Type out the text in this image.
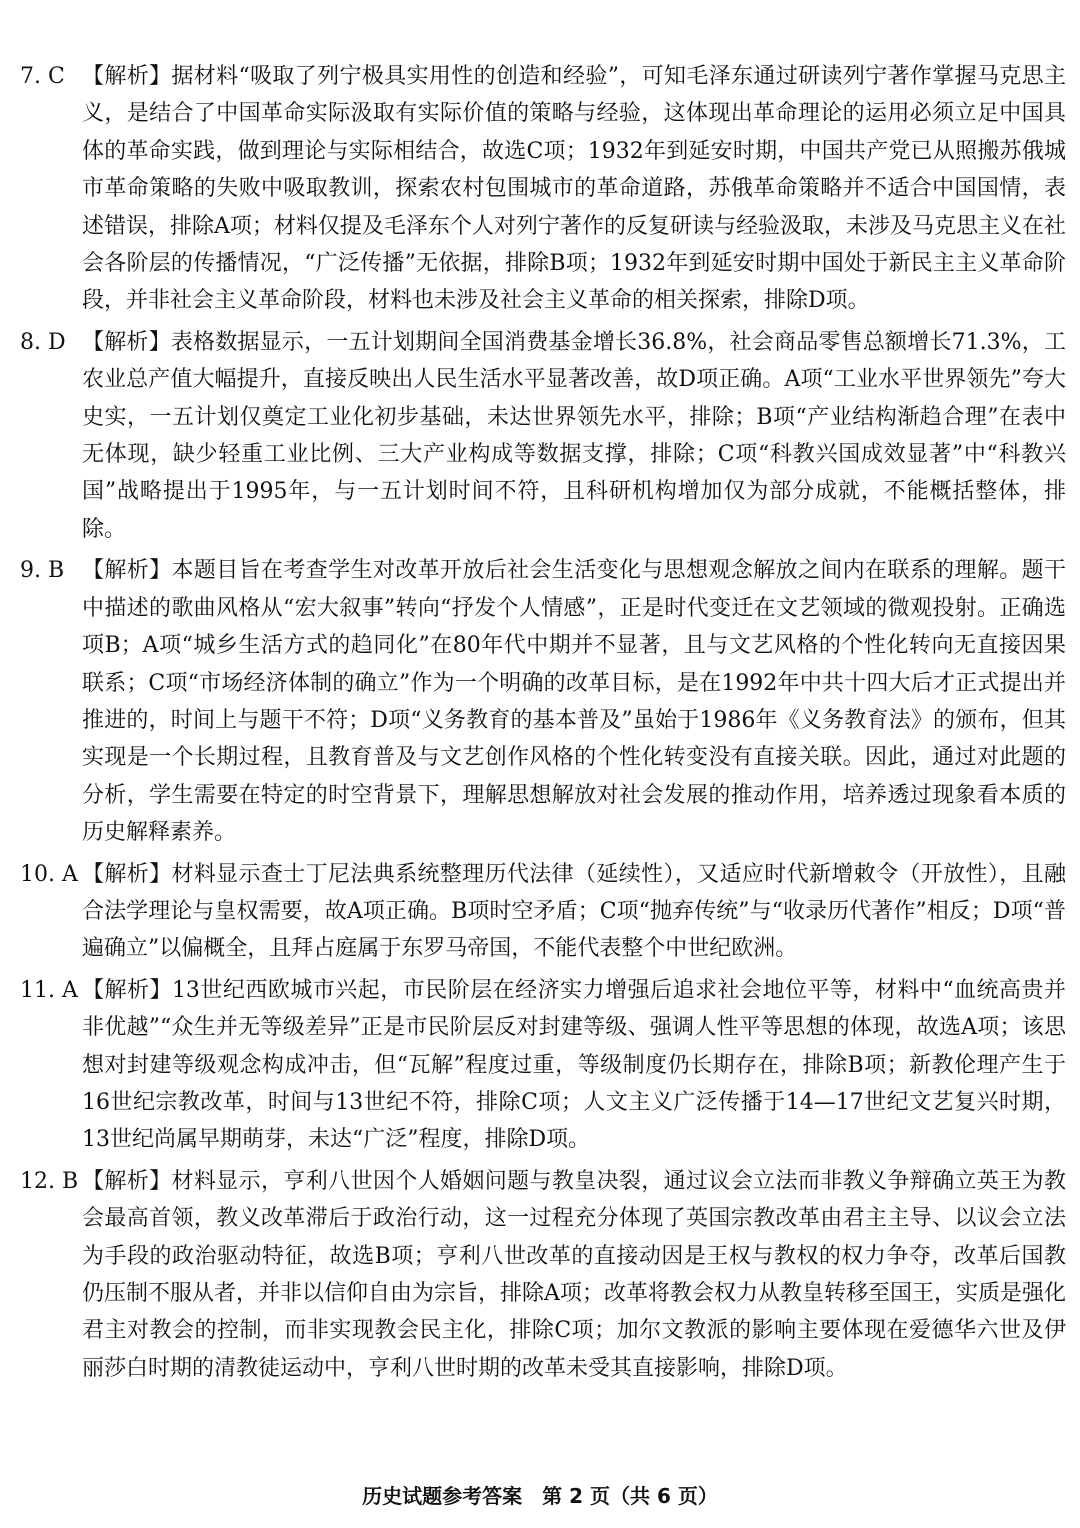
7. C 【解析】据材料“吸取了列宁极具实用性的创造和经验”，可知毛泽东通过研读列宁著作掌握马克思主义，是结合了中国革命实际汲取有实际价值的策略与经验，这体现出革命理论的运用必须立足中国具体的革命实践，做到理论与实际相结合，故选C项；1932年到延安时期，中国共产党已从照搬苏俄城市革命策略的失败中吸取教训，探索农村包围城市的革命道路，苏俄革命策略并不适合中国国情，表述错误，排除A项；材料仅提及毛泽东个人对列宁著作的反复研读与经验汲取，未涉及马克思主义在社会各阶层的传播情况，“广泛传播”无依据，排除B项；1932年到延安时期中国处于新民主主义革命阶段，并非社会主义革命阶段，材料也未涉及社会主义革命的相关探索，排除D项。
8. D 【解析】表格数据显示，一五计划期间全国消费基金增长36.8%，社会商品零售总额增长71.3%，工农业总产值大幅提升，直接反映出人民生活水平显著改善，故D项正确。A项“工业水平世界领先”夸大史实，一五计划仅奠定工业化初步基础，未达世界领先水平，排除；B项“产业结构渐趋合理”在表中无体现，缺少轻重工业比例、三大产业构成等数据支撑，排除；C项“科教兴国成效显著”中“科教兴国”战略提出于1995年，与一五计划时间不符，且科研机构增加仅为部分成就，不能概括整体，排除。
9. B 【解析】本题目旨在考查学生对改革开放后社会生活变化与思想观念解放之间内在联系的理解。题干中描述的歌曲风格从“宏大叙事”转向“抒发个人情感”，正是时代变迁在文艺领域的微观投射。正确选项B；A项“城乡生活方式的趋同化”在80年代中期并不显著，且与文艺风格的个性化转向无直接因果联系；C项“市场经济体制的确立”作为一个明确的改革目标，是在1992年中共十四大后才正式提出并推进的，时间上与题干不符；D项“义务教育的基本普及”虽始于1986年《义务教育法》的颁布，但其实现是一个长期过程，且教育普及与文艺创作风格的个性化转变没有直接关联。因此，通过对此题的分析，学生需要在特定的时空背景下，理解思想解放对社会发展的推动作用，培养透过现象看本质的历史解释素养。
10. A 【解析】材料显示查士丁尼法典系统整理历代法律（延续性），又适应时代新增敕令（开放性），且融合法学理论与皇权需要，故A项正确。B项时空矛盾；C项“抛弃传统”与“收录历代著作”相反；D项“普遍确立”以偏概全，且拜占庭属于东罗马帝国，不能代表整个中世纪欧洲。
11. A 【解析】13世纪西欧城市兴起，市民阶层在经济实力增强后追求社会地位平等，材料中“血统高贵并非优越”“众生并无等级差异”正是市民阶层反对封建等级、强调人性平等思想的体现，故选A项；该思想对封建等级观念构成冲击，但“瓦解”程度过重，等级制度仍长期存在，排除B项；新教伦理产生于16世纪宗教改革，时间与13世纪不符，排除C项；人文主义广泛传播于14—17世纪文艺复兴时期，13世纪尚属早期萌芽，未达“广泛”程度，排除D项。
12. B 【解析】材料显示，亨利八世因个人婚姻问题与教皇决裂，通过议会立法而非教义争辩确立英王为教会最高首领，教义改革滞后于政治行动，这一过程充分体现了英国宗教改革由君主主导、以议会立法为手段的政治驱动特征，故选B项；亨利八世改革的直接动因是王权与教权的权力争夺，改革后国教仍压制不服从者，并非以信仰自由为宗旨，排除A项；改革将教会权力从教皇转移至国王，实质是强化君主对教会的控制，而非实现教会民主化，排除C项；加尔文教派的影响主要体现在爱德华六世及伊丽莎白时期的清教徒运动中，亨利八世时期的改革未受其直接影响，排除D项。
历史试题参考答案　第 2 页（共 6 页）
